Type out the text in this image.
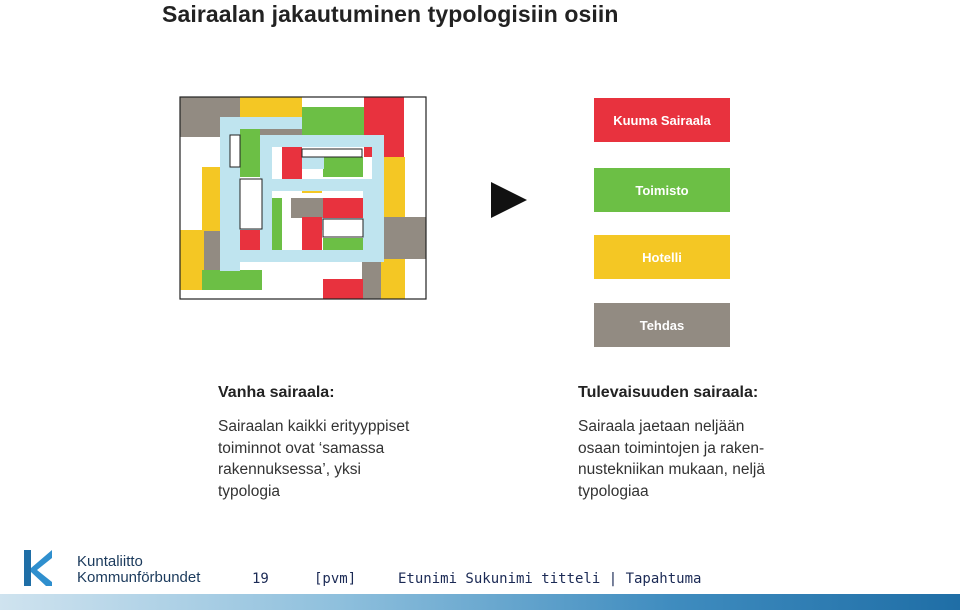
Sairaalan jakautuminen typologisiin osiin
Kuuma Sairaala
Toimisto
Hotelli
Tehdas
Vanha sairaala:
Sairaalan kaikki erityyppiset
toiminnot ovat ‘samassa
rakennuksessa’, yksi
typologia
Tulevaisuuden sairaala:
Sairaala jaetaan neljään
osaan toimintojen ja raken-
nustekniikan mukaan, neljä
typologiaa
Kuntaliitto
Kommunförbundet	19	[pvm]	Etunimi Sukunimi titteli | Tapahtuma
